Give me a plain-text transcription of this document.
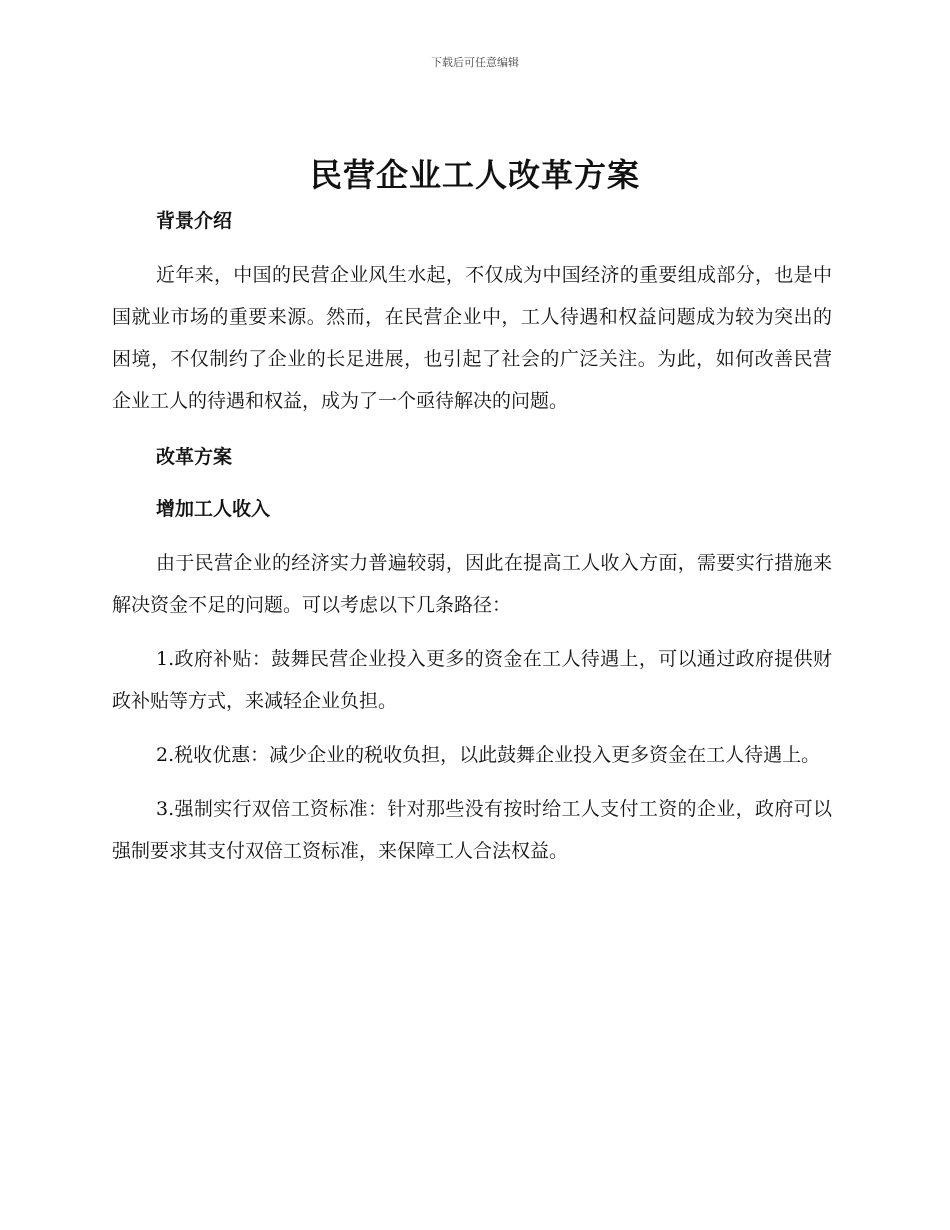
下载后可任意编辑
民营企业工人改革方案
背景介绍

近年来，中国的民营企业风生水起，不仅成为中国经济的重要组成部分，也是中国就业市场的重要来源。然而，在民营企业中，工人待遇和权益问题成为较为突出的困境，不仅制约了企业的长足进展，也引起了社会的广泛关注。为此，如何改善民营企业工人的待遇和权益，成为了一个亟待解决的问题。

改革方案
增加工人收入

由于民营企业的经济实力普遍较弱，因此在提高工人收入方面，需要实行措施来解决资金不足的问题。可以考虑以下几条路径：

1.政府补贴：鼓舞民营企业投入更多的资金在工人待遇上，可以通过政府提供财政补贴等方式，来减轻企业负担。

2.税收优惠：减少企业的税收负担，以此鼓舞企业投入更多资金在工人待遇上。

3.强制实行双倍工资标准：针对那些没有按时给工人支付工资的企业，政府可以强制要求其支付双倍工资标准，来保障工人合法权益。
